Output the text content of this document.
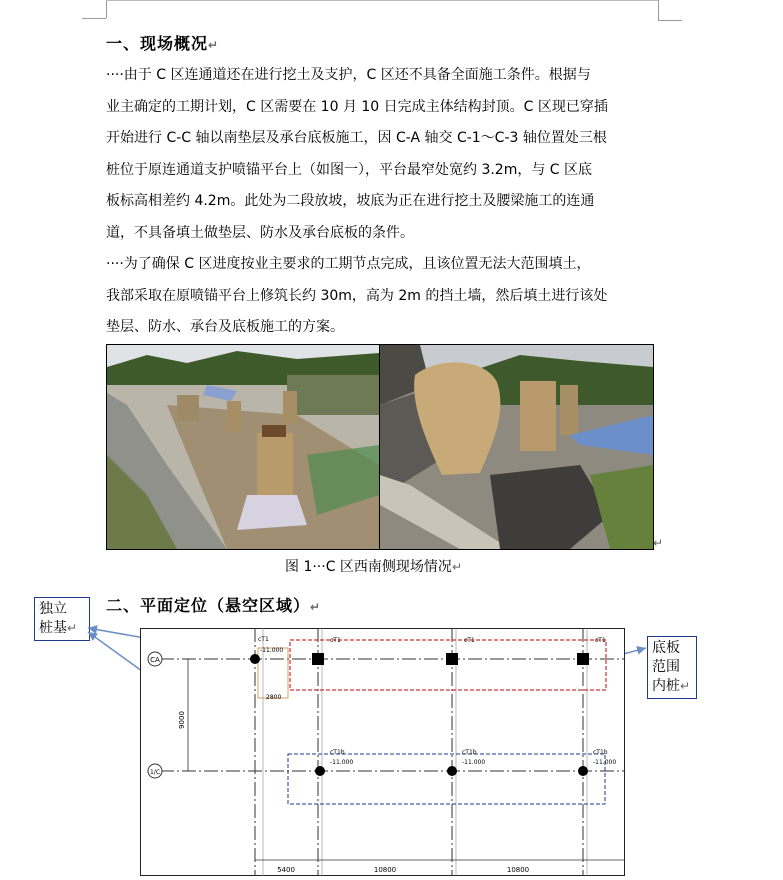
一、现场概况↵
····由于 C 区连通道还在进行挖土及支护，C 区还不具备全面施工条件。根据与
业主确定的工期计划，C 区需要在 10 月 10 日完成主体结构封顶。C 区现已穿插
开始进行 C-C 轴以南垫层及承台底板施工，因 C-A 轴交 C-1～C-3 轴位置处三根
桩位于原连通道支护喷锚平台上（如图一），平台最窄处宽约 3.2m，与 C 区底
板标高相差约 4.2m。此处为二段放坡，坡底为正在进行挖土及腰梁施工的连通
道，不具备填土做垫层、防水及承台底板的条件。
····为了确保 C 区进度按业主要求的工期节点完成，且该位置无法大范围填土，
我部采取在原喷锚平台上修筑长约 30m，高为 2m 的挡土墙，然后填土进行该处
垫层、防水、承台及底板施工的方案。
↵
图 1···C 区西南侧现场情况↵
二、平面定位（悬空区域）↵
独立
桩基↵
底板
范围
内桩↵
CA
1/C
9000
2800
cT1
-11.000
cT1	cT1	cT1
cT1b
-11.000
cT1b
-11.000
cT1b
-11.000
5400	10800	10800
